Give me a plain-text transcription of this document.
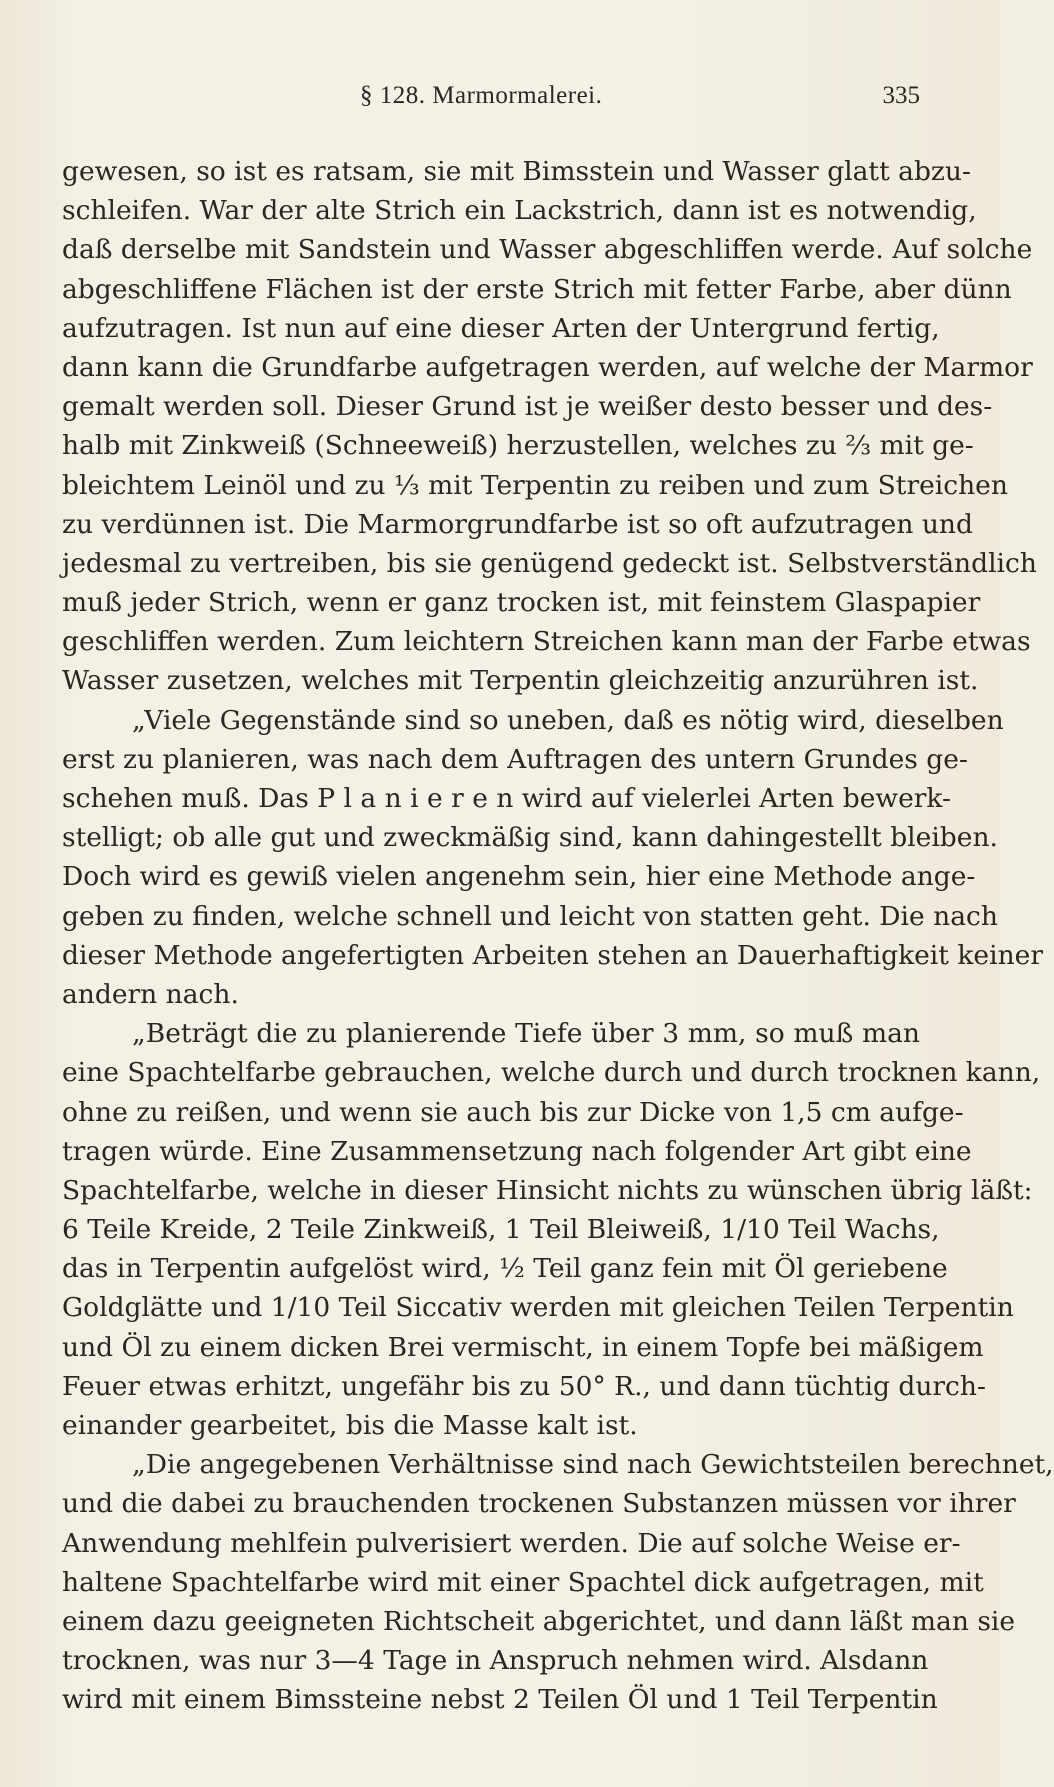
§ 128. Marmormalerei.	335
gewesen, so ist es ratsam, sie mit Bimsstein und Wasser glatt abzu-
schleifen. War der alte Strich ein Lackstrich, dann ist es notwendig,
daß derselbe mit Sandstein und Wasser abgeschliffen werde. Auf solche
abgeschliffene Flächen ist der erste Strich mit fetter Farbe, aber dünn
aufzutragen. Ist nun auf eine dieser Arten der Untergrund fertig,
dann kann die Grundfarbe aufgetragen werden, auf welche der Marmor
gemalt werden soll. Dieser Grund ist je weißer desto besser und des-
halb mit Zinkweiß (Schneeweiß) herzustellen, welches zu ⅔ mit ge-
bleichtem Leinöl und zu ⅓ mit Terpentin zu reiben und zum Streichen
zu verdünnen ist. Die Marmorgrundfarbe ist so oft aufzutragen und
jedesmal zu vertreiben, bis sie genügend gedeckt ist. Selbstverständlich
muß jeder Strich, wenn er ganz trocken ist, mit feinstem Glaspapier
geschliffen werden. Zum leichtern Streichen kann man der Farbe etwas
Wasser zusetzen, welches mit Terpentin gleichzeitig anzurühren ist.
„Viele Gegenstände sind so uneben, daß es nötig wird, dieselben
erst zu planieren, was nach dem Auftragen des untern Grundes ge-
schehen muß. Das P l a n i e r e n wird auf vielerlei Arten bewerk-
stelligt; ob alle gut und zweckmäßig sind, kann dahingestellt bleiben.
Doch wird es gewiß vielen angenehm sein, hier eine Methode ange-
geben zu finden, welche schnell und leicht von statten geht. Die nach
dieser Methode angefertigten Arbeiten stehen an Dauerhaftigkeit keiner
andern nach.
„Beträgt die zu planierende Tiefe über 3 mm, so muß man
eine Spachtelfarbe gebrauchen, welche durch und durch trocknen kann,
ohne zu reißen, und wenn sie auch bis zur Dicke von 1,5 cm aufge-
tragen würde. Eine Zusammensetzung nach folgender Art gibt eine
Spachtelfarbe, welche in dieser Hinsicht nichts zu wünschen übrig läßt:
6 Teile Kreide, 2 Teile Zinkweiß, 1 Teil Bleiweiß, 1/10 Teil Wachs,
das in Terpentin aufgelöst wird, ½ Teil ganz fein mit Öl geriebene
Goldglätte und 1/10 Teil Siccativ werden mit gleichen Teilen Terpentin
und Öl zu einem dicken Brei vermischt, in einem Topfe bei mäßigem
Feuer etwas erhitzt, ungefähr bis zu 50° R., und dann tüchtig durch-
einander gearbeitet, bis die Masse kalt ist.
„Die angegebenen Verhältnisse sind nach Gewichtsteilen berechnet,
und die dabei zu brauchenden trockenen Substanzen müssen vor ihrer
Anwendung mehlfein pulverisiert werden. Die auf solche Weise er-
haltene Spachtelfarbe wird mit einer Spachtel dick aufgetragen, mit
einem dazu geeigneten Richtscheit abgerichtet, und dann läßt man sie
trocknen, was nur 3—4 Tage in Anspruch nehmen wird. Alsdann
wird mit einem Bimssteine nebst 2 Teilen Öl und 1 Teil Terpentin
